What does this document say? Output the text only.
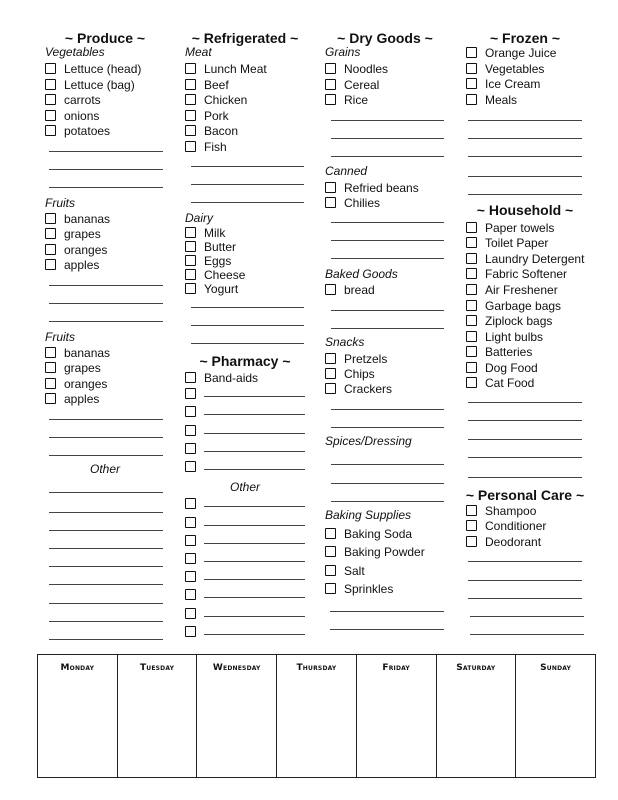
~ Produce ~
Vegetables
Lettuce (head)
Lettuce (bag)
carrots
onions
potatoes
Fruits
bananas
grapes
oranges
apples
Fruits
bananas
grapes
oranges
apples
Other
~ Refrigerated ~
Meat
Lunch Meat
Beef
Chicken
Pork
Bacon
Fish
Dairy
Milk
Butter
Eggs
Cheese
Yogurt
~ Pharmacy ~
Band-aids
Other
~ Dry Goods ~
Grains
Noodles
Cereal
Rice
Canned
Refried beans
Chilies
Baked Goods
bread
Snacks
Pretzels
Chips
Crackers
Spices/Dressing
Baking Supplies
Baking Soda
Baking Powder
Salt
Sprinkles
~ Frozen ~
Orange Juice
Vegetables
Ice Cream
Meals
~ Household ~
Paper towels
Toilet Paper
Laundry Detergent
Fabric Softener
Air Freshener
Garbage bags
Ziplock bags
Light bulbs
Batteries
Dog Food
Cat Food
~ Personal Care ~
Shampoo
Conditioner
Deodorant
Monday	Tuesday	Wednesday	Thursday	Friday	Saturday	Sunday
